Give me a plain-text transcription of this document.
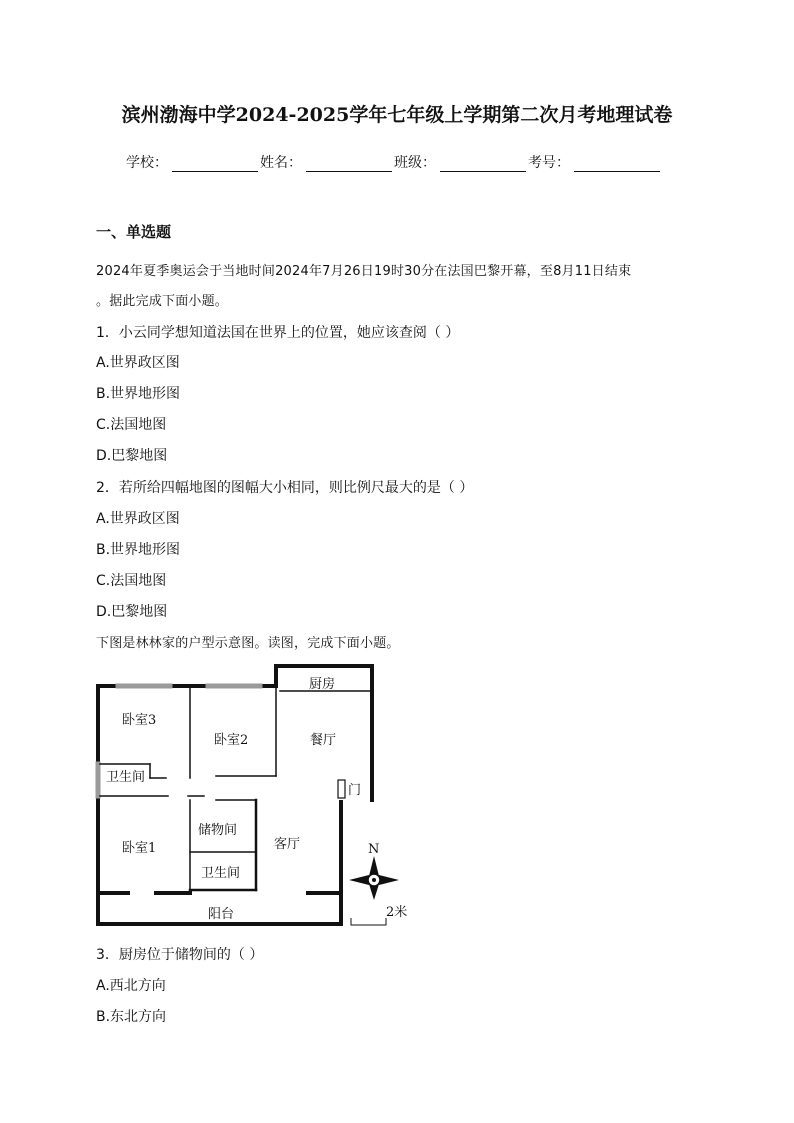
滨州渤海中学2024-2025学年七年级上学期第二次月考地理试卷
学校：	姓名：	班级：	考号：
一、单选题
2024年夏季奥运会于当地时间2024年7月26日19时30分在法国巴黎开幕，至8月11日结束
。据此完成下面小题。
1．小云同学想知道法国在世界上的位置，她应该查阅（ ）
A.世界政区图
B.世界地形图
C.法国地图
D.巴黎地图
2．若所给四幅地图的图幅大小相同，则比例尺最大的是（ ）
A.世界政区图
B.世界地形图
C.法国地图
D.巴黎地图
下图是林林家的户型示意图。读图，完成下面小题。
厨房
卧室3
卧室2	餐厅
卫生间
门
储物间
客厅
卧室1
卫生间
阳台
N
2米
3．厨房位于储物间的（ ）
A.西北方向
B.东北方向
